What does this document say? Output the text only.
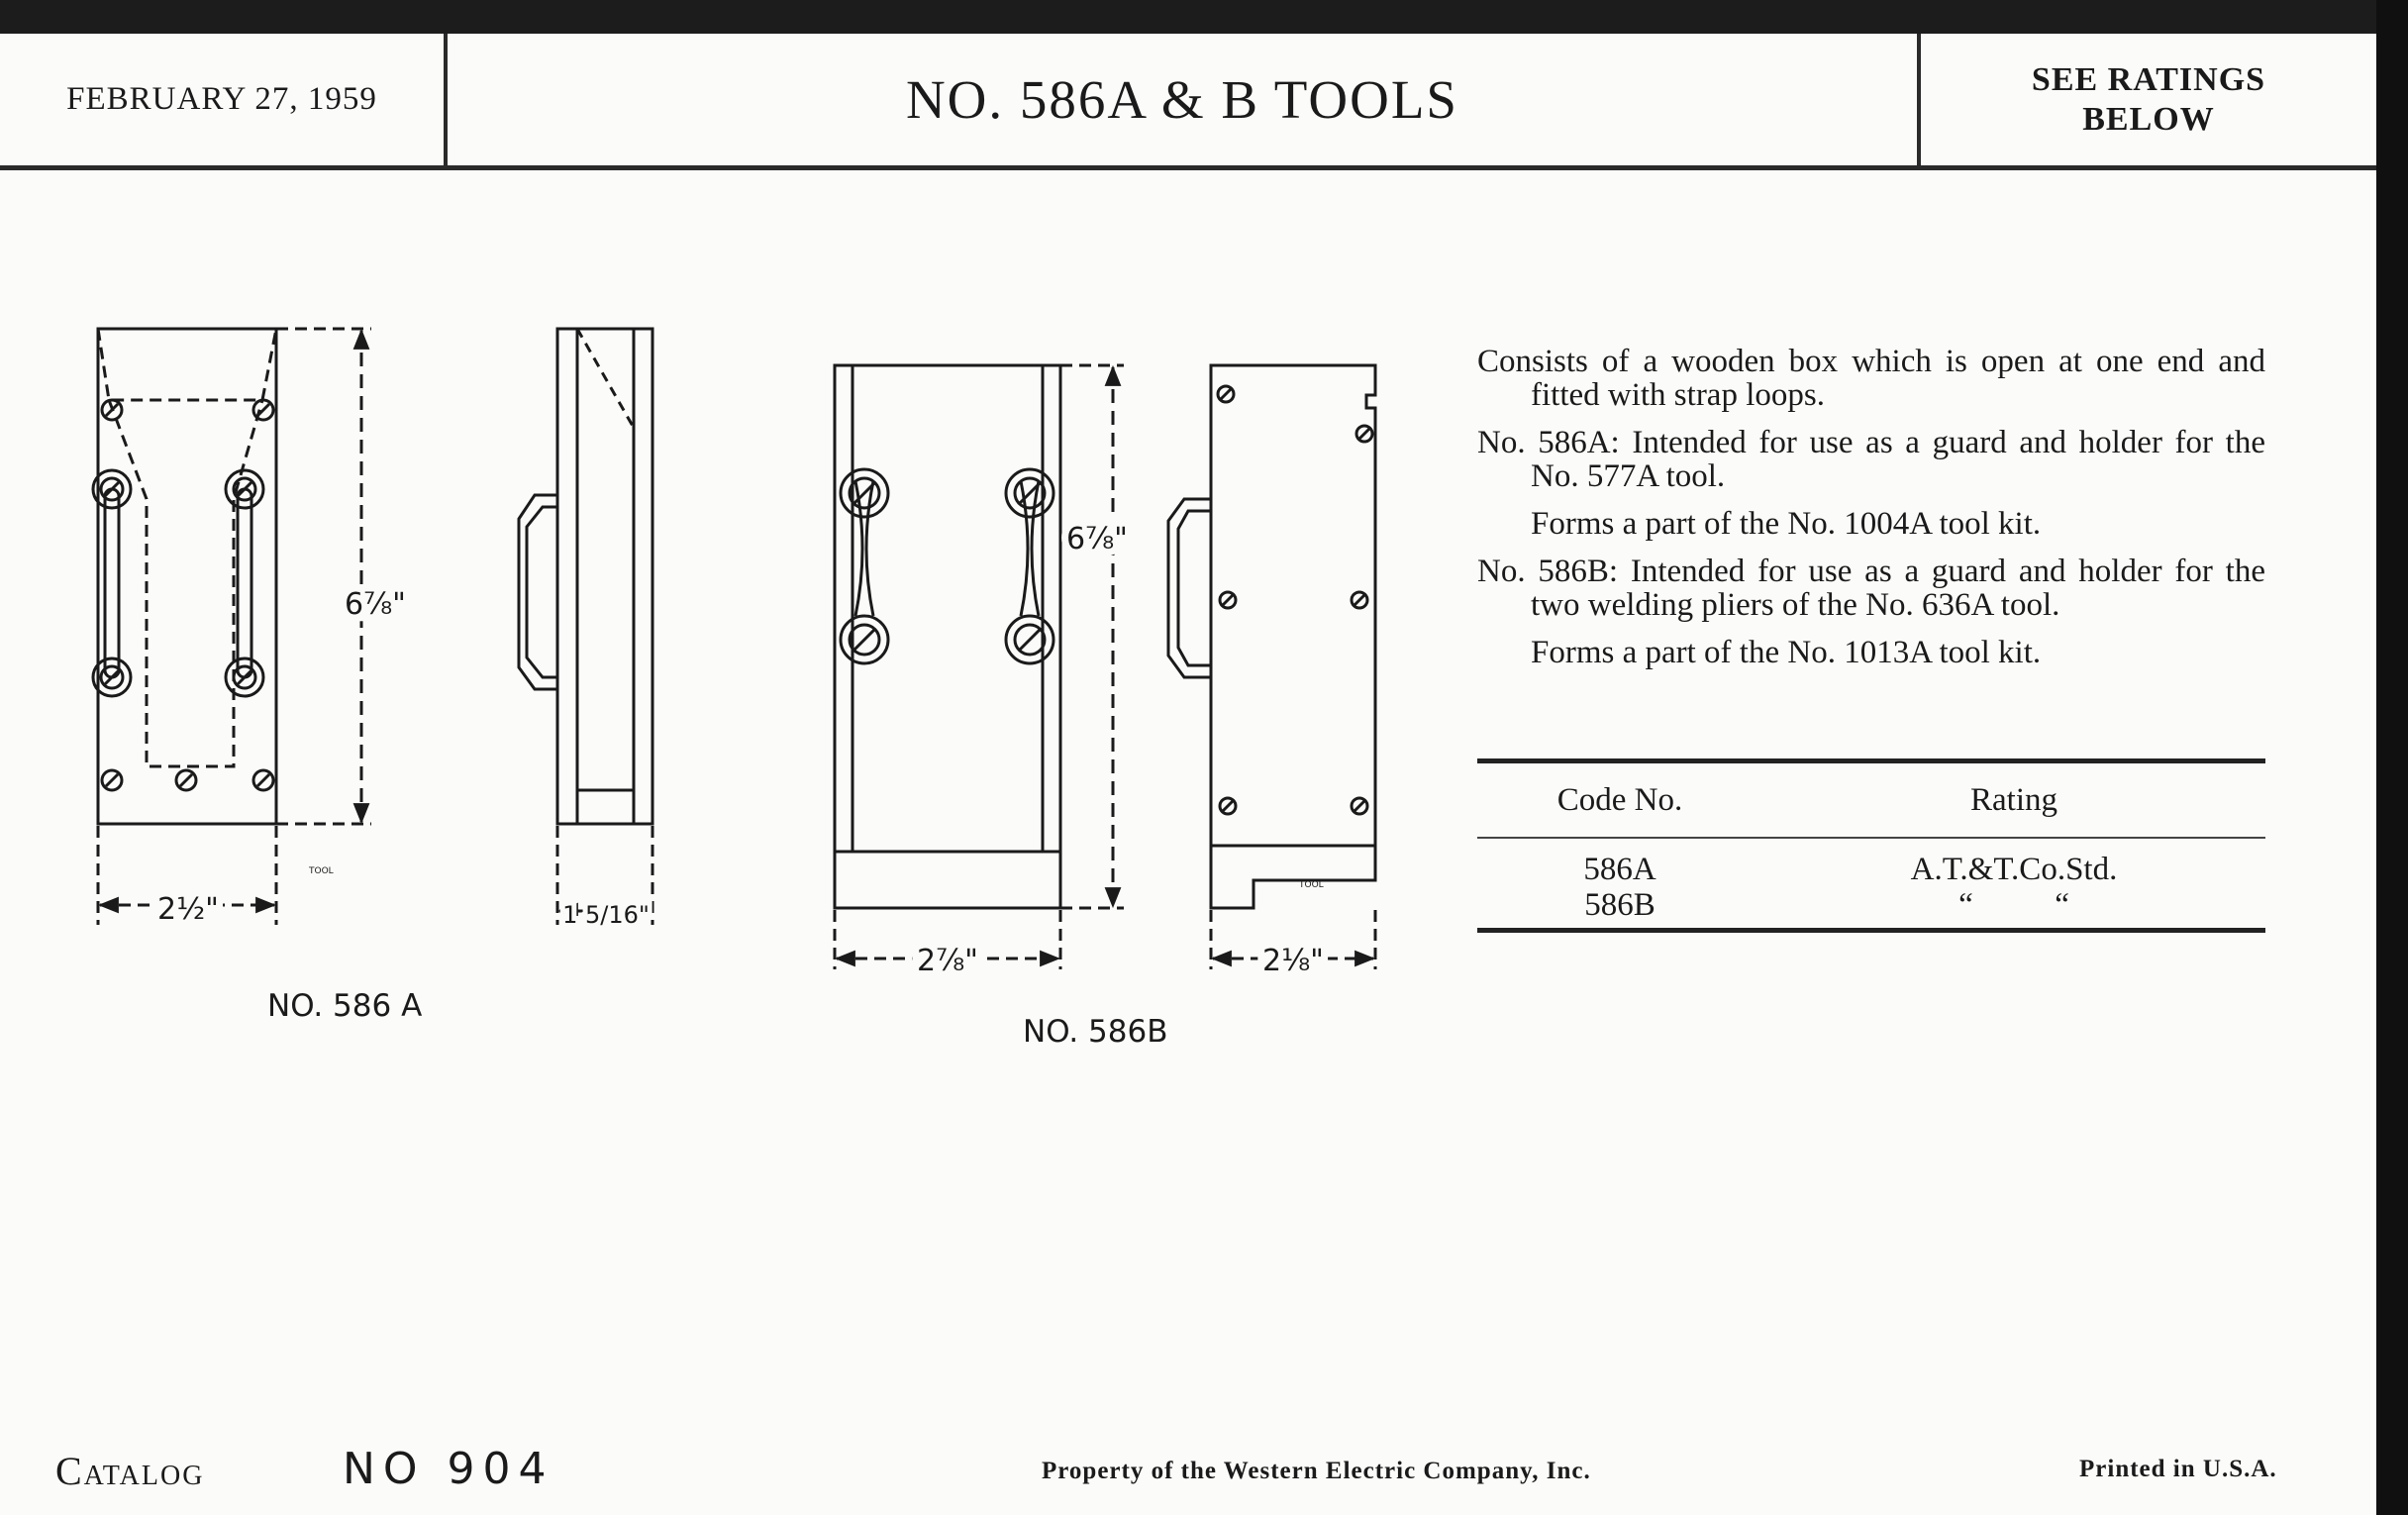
FEBRUARY 27, 1959	NO. 586A & B TOOLS	SEE RATINGS
BELOW
6⅞"
2½"	1 5/16"
TOOL
6⅞"
2⅞"	2⅛"
TOOL
NO. 586 A
NO. 586B

Consists of a wooden box which is open at one end and fitted with strap loops.

No. 586A: Intended for use as a guard and holder for the No. 577A tool.

Forms a part of the No. 1004A tool kit.

No. 586B: Intended for use as a guard and holder for the two welding pliers of the No. 636A tool.

Forms a part of the No. 1013A tool kit.

Code No.	Rating
586A	A.T.&T.Co.Std.
586B	“          “
Catalog	NO 904	Property of the Western Electric Company, Inc.	Printed in U.S.A.
